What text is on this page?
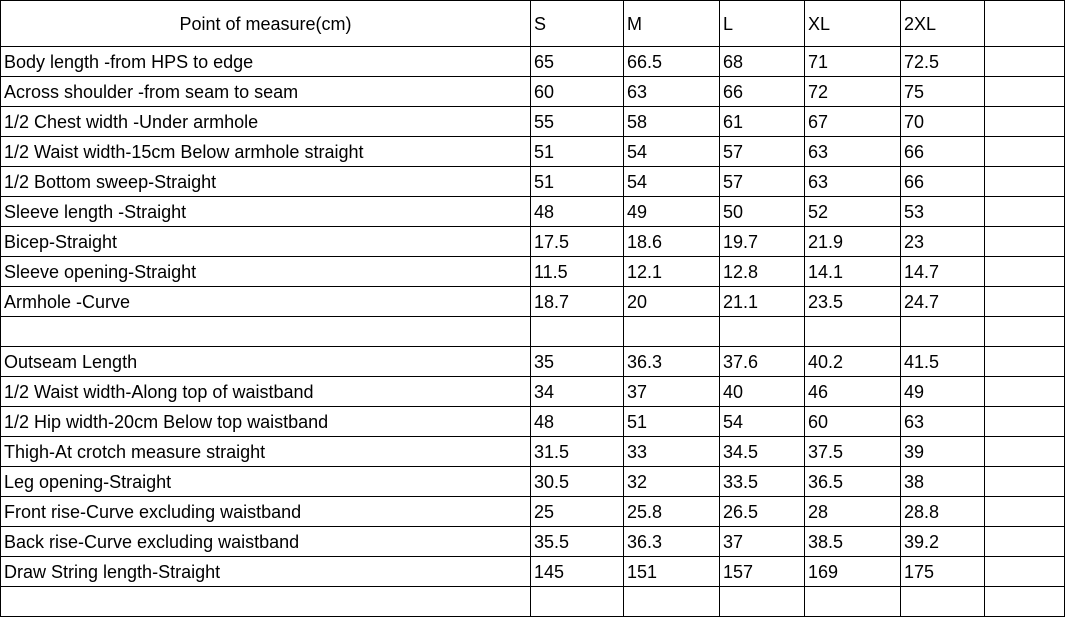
Point of measure(cm)	S	M	L	XL	2XL	
Body length -from HPS to edge	65	66.5	68	71	72.5	
Across shoulder -from seam to seam	60	63	66	72	75	
1/2 Chest width -Under armhole	55	58	61	67	70	
1/2 Waist width-15cm Below armhole straight	51	54	57	63	66	
1/2 Bottom sweep-Straight	51	54	57	63	66	
Sleeve length -Straight	48	49	50	52	53	
Bicep-Straight	17.5	18.6	19.7	21.9	23	
Sleeve opening-Straight	11.5	12.1	12.8	14.1	14.7	
Armhole -Curve	18.7	20	21.1	23.5	24.7	

Outseam Length	35	36.3	37.6	40.2	41.5	
1/2 Waist width-Along top of waistband	34	37	40	46	49	
1/2 Hip width-20cm Below top waistband	48	51	54	60	63	
Thigh-At crotch measure straight	31.5	33	34.5	37.5	39	
Leg opening-Straight	30.5	32	33.5	36.5	38	
Front rise-Curve excluding waistband	25	25.8	26.5	28	28.8	
Back rise-Curve excluding waistband	35.5	36.3	37	38.5	39.2	
Draw String length-Straight	145	151	157	169	175	
